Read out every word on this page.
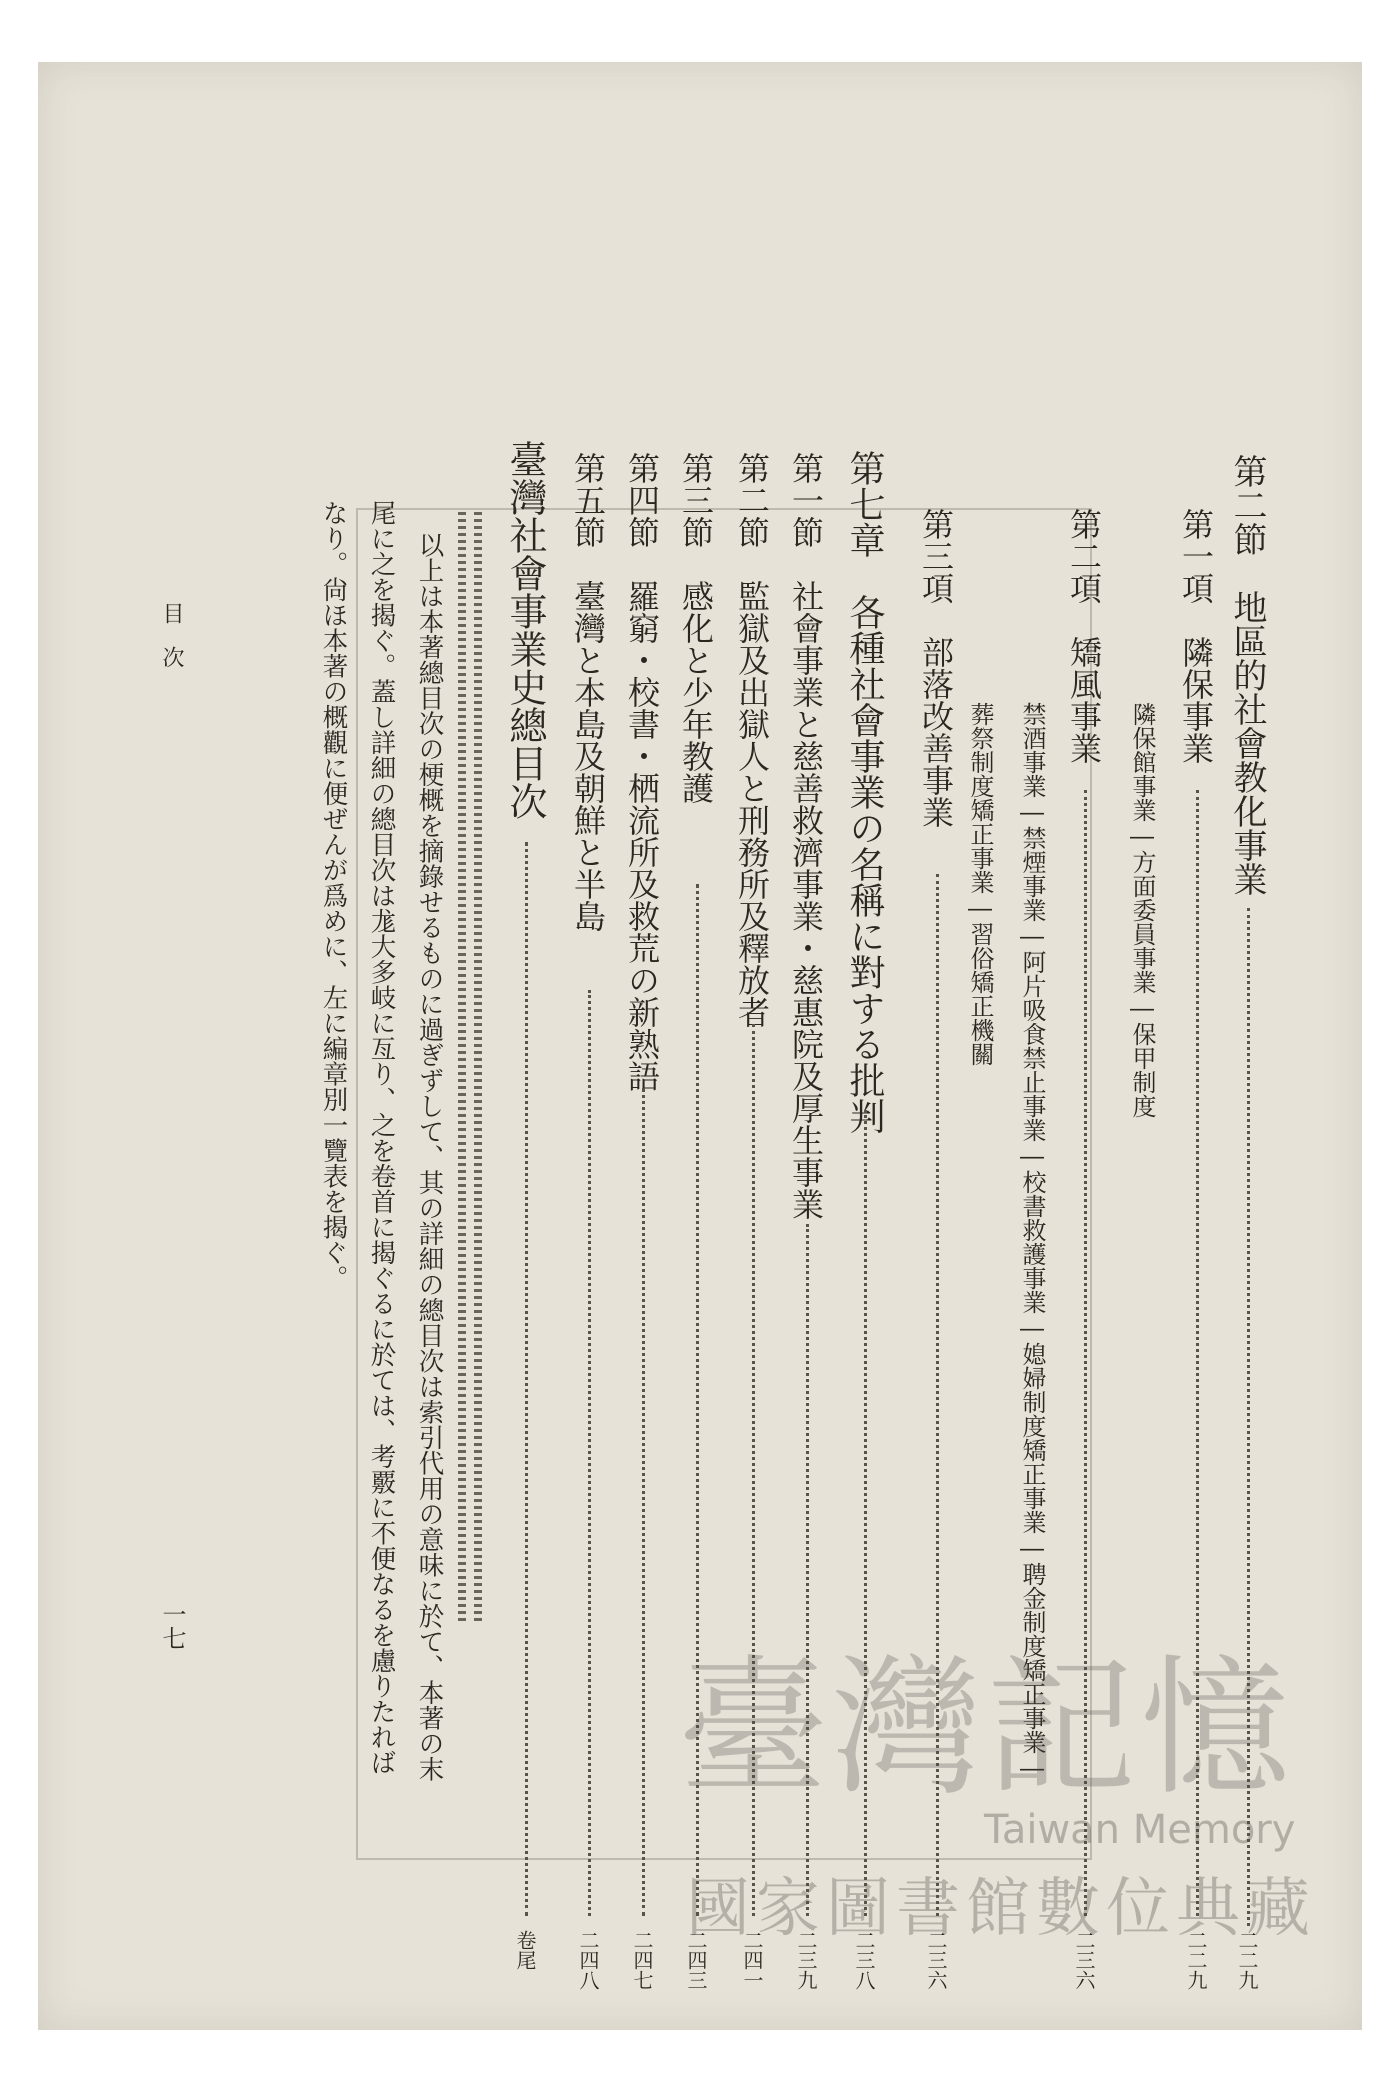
第二節　地區的社會教化事業
二二九
第一項　隣保事業
二二九
隣保館事業―方面委員事業―保甲制度
第二項　矯風事業
二三六
禁酒事業―禁煙事業―阿片吸食禁止事業―校書救護事業―媳婦制度矯正事業―聘金制度矯正事業―
葬祭制度矯正事業―習俗矯正機關
第三項　部落改善事業
二三六
第七章　各種社會事業の名稱に對する批判
二三八
第一節　社會事業と慈善救濟事業・慈惠院及厚生事業
二三九
第二節　監獄及出獄人と刑務所及釋放者
二四一
第三節　感化と少年教護
二四三
第四節　羅窮・校書・栖流所及救荒の新熟語
二四七
第五節　臺灣と本島及朝鮮と半島
二四八
臺灣社會事業史總目次
卷尾
以上は本著總目次の梗概を摘錄せるものに過ぎずして、其の詳細の總目次は索引代用の意味に於て、本著の末
尾に之を揭ぐ。蓋し詳細の總目次は尨大多岐に亙り、之を卷首に揭ぐるに於ては、考覈に不便なるを慮りたれば
なり。尙ほ本著の概觀に便ぜんが爲めに、左に編章別一覽表を揭ぐ。
目　次
一七
臺灣記憶
Taiwan Memory
國家圖書館數位典藏
